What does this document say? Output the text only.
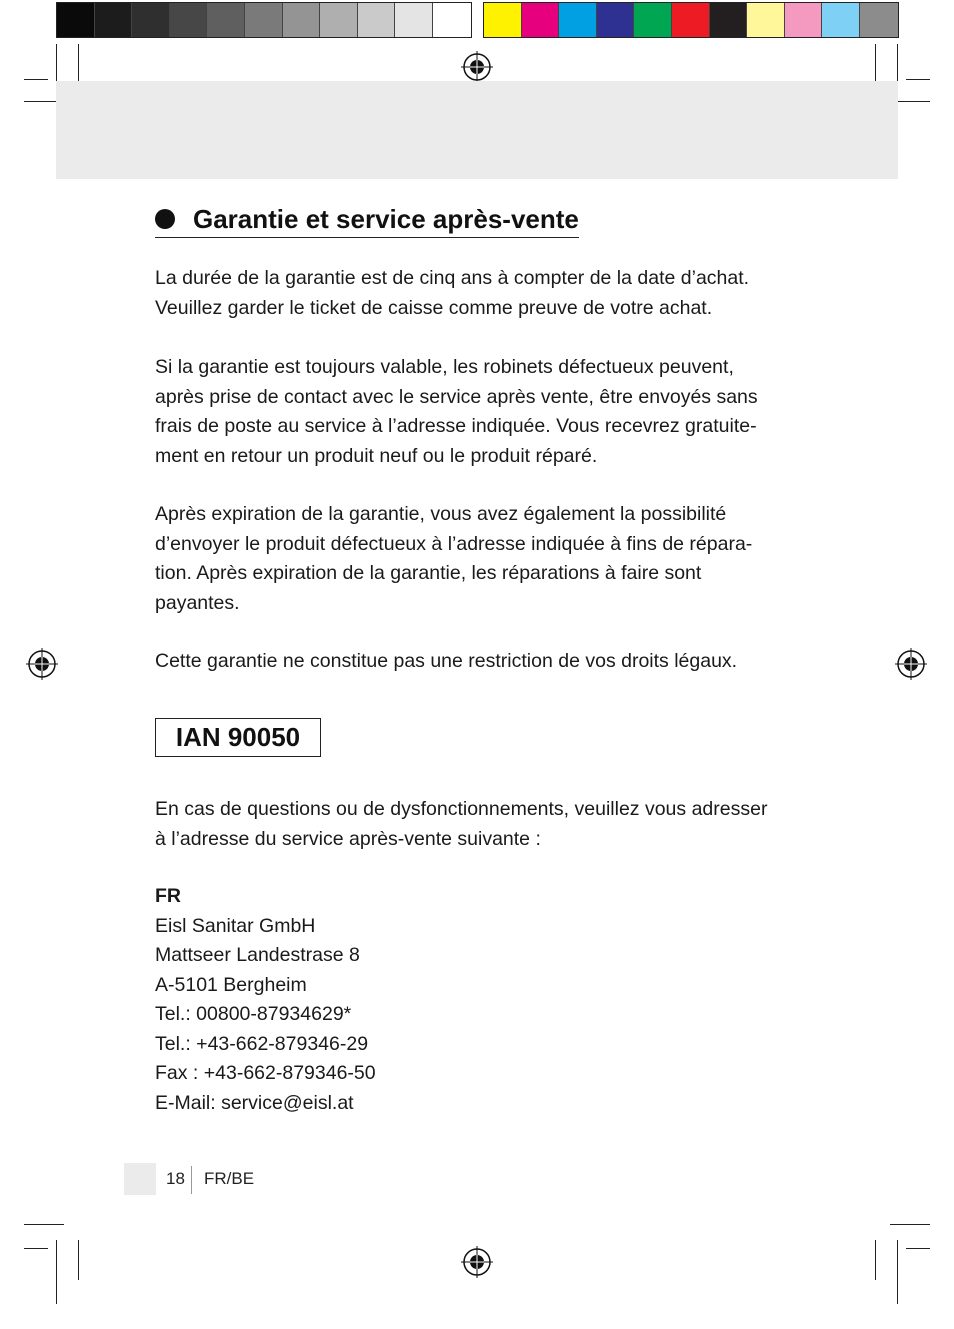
Garantie et service après-vente
La durée de la garantie est de cinq ans à compter de la date d’achat.
Veuillez garder le ticket de caisse comme preuve de votre achat.
Si la garantie est toujours valable, les robinets défectueux peuvent,
après prise de contact avec le service après vente, être envoyés sans
frais de poste au service à l’adresse indiquée. Vous recevrez gratuite-
ment en retour un produit neuf ou le produit réparé.
Après expiration de la garantie, vous avez également la possibilité
d’envoyer le produit défectueux à l’adresse indiquée à fins de répara-
tion. Après expiration de la garantie, les réparations à faire sont
payantes.
Cette garantie ne constitue pas une restriction de vos droits légaux.
IAN 90050
En cas de questions ou de dysfonctionnements, veuillez vous adresser
à l’adresse du service après-vente suivante :
FR
Eisl Sanitar GmbH
Mattseer Landestrase 8
A-5101 Bergheim
Tel.: 00800-87934629*
Tel.: +43-662-879346-29
Fax : +43-662-879346-50
E-Mail: service@eisl.at
18 FR/BE
